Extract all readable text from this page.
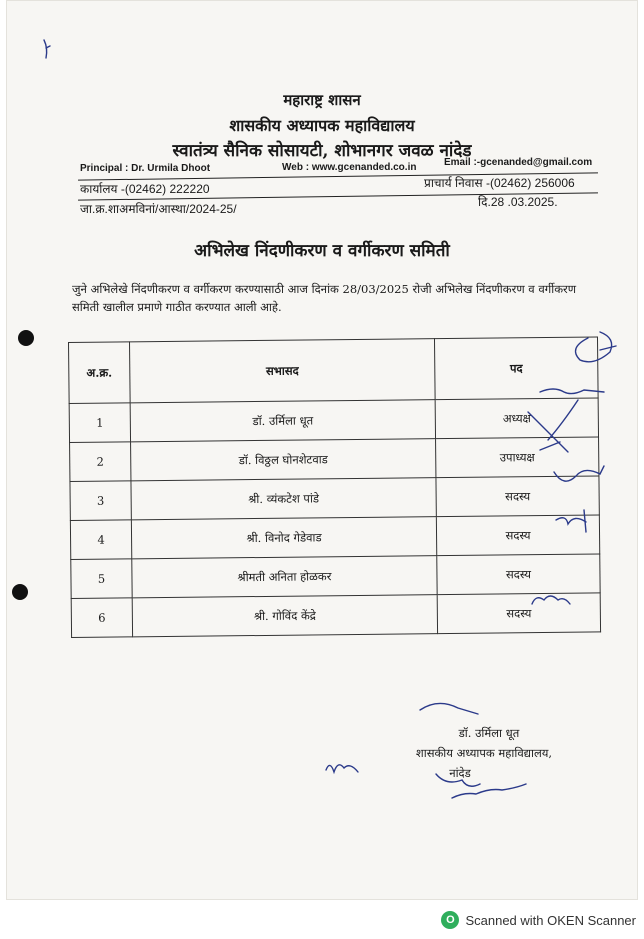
महाराष्ट्र शासन
शासकीय अध्यापक महाविद्यालय
स्वातंत्र्य सैनिक सोसायटी, शोभानगर जवळ नांदेड
Principal : Dr. Urmila Dhoot	Web : www.gcenanded.co.in	Email :-gcenanded@gmail.com
कार्यालय -(02462) 222220	प्राचार्य निवास -(02462) 256006
जा.क्र.शाअमविनां/आस्था/2024-25/	दि.28 .03.2025.
अभिलेख निंदणीकरण व वर्गीकरण समिती
जुने अभिलेखे निंदणीकरण व वर्गीकरण करण्यासाठी आज दिनांक 28/03/2025 रोजी अभिलेख निंदणीकरण व वर्गीकरण समिती खालील प्रमाणे गाठीत करण्यात आली आहे.
अ.क्र.	सभासद	पद
1	डॉ. उर्मिला धूत	अध्यक्ष
2	डॉ. विठ्ठल घोनशेटवाड	उपाध्यक्ष
3	श्री. व्यंकटेश पांडे	सदस्य
4	श्री. विनोद गेडेवाड	सदस्य
5	श्रीमती अनिता होळकर	सदस्य
6	श्री. गोविंद केंद्रे	सदस्य
डॉ. उर्मिला धूत
शासकीय अध्यापक महाविद्यालय,
नांदेड
O Scanned with OKEN Scanner
